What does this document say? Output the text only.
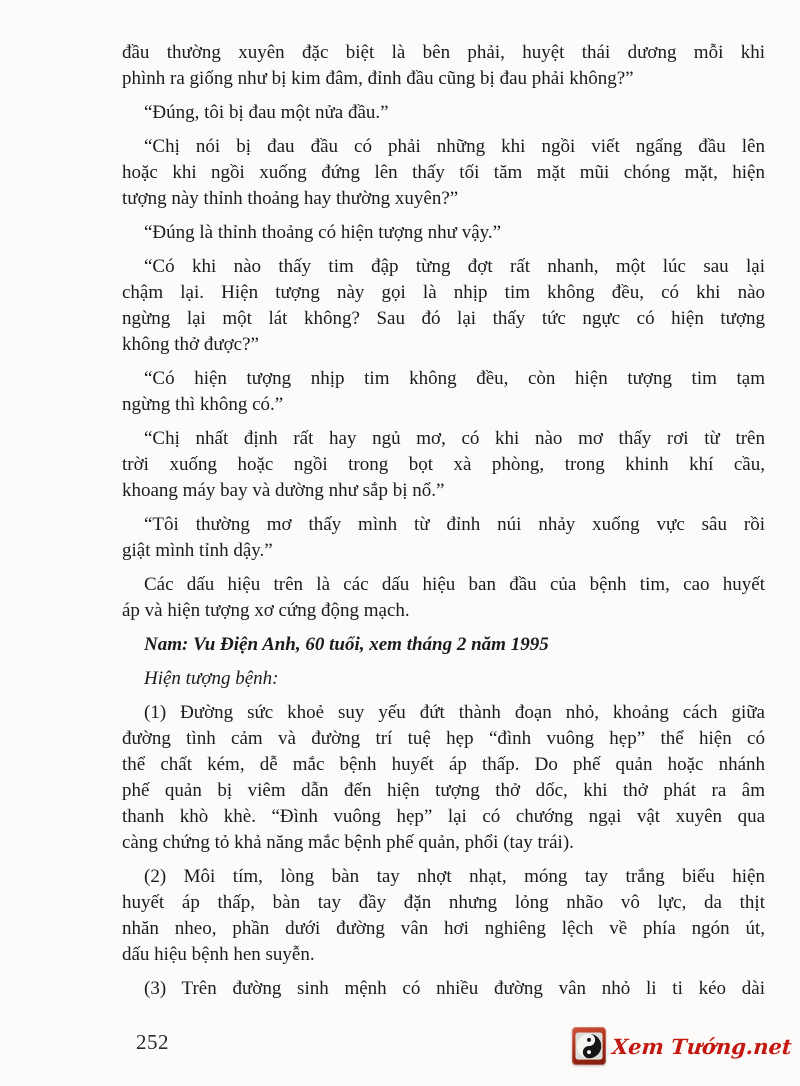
đầu thường xuyên đặc biệt là bên phải, huyệt thái dương mỗi khi
phình ra giống như bị kim đâm, đỉnh đầu cũng bị đau phải không?”
“Đúng, tôi bị đau một nửa đầu.”
“Chị nói bị đau đầu có phải những khi ngồi viết ngẩng đầu lên
hoặc khi ngồi xuống đứng lên thấy tối tăm mặt mũi chóng mặt, hiện
tượng này thỉnh thoảng hay thường xuyên?”
“Đúng là thỉnh thoảng có hiện tượng như vậy.”
“Có khi nào thấy tim đập từng đợt rất nhanh, một lúc sau lại
chậm lại. Hiện tượng này gọi là nhịp tim không đều, có khi nào
ngừng lại một lát không? Sau đó lại thấy tức ngực có hiện tượng
không thở được?”
“Có hiện tượng nhịp tim không đều, còn hiện tượng tim tạm
ngừng thì không có.”
“Chị nhất định rất hay ngủ mơ, có khi nào mơ thấy rơi từ trên
trời xuống hoặc ngồi trong bọt xà phòng, trong khinh khí cầu,
khoang máy bay và dường như sắp bị nổ.”
“Tôi thường mơ thấy mình từ đỉnh núi nhảy xuống vực sâu rồi
giật mình tỉnh dậy.”
Các dấu hiệu trên là các dấu hiệu ban đầu của bệnh tim, cao huyết
áp và hiện tượng xơ cứng động mạch.
Nam: Vu Điện Anh, 60 tuổi, xem tháng 2 năm 1995
Hiện tượng bệnh:
(1) Đường sức khoẻ suy yếu đứt thành đoạn nhỏ, khoảng cách giữa
đường tình cảm và đường trí tuệ hẹp “đình vuông hẹp” thể hiện có
thể chất kém, dễ mắc bệnh huyết áp thấp. Do phế quản hoặc nhánh
phế quản bị viêm dẫn đến hiện tượng thở dốc, khi thở phát ra âm
thanh khò khè. “Đình vuông hẹp” lại có chướng ngại vật xuyên qua
càng chứng tỏ khả năng mắc bệnh phế quản, phổi (tay trái).
(2) Môi tím, lòng bàn tay nhợt nhạt, móng tay trắng biểu hiện
huyết áp thấp, bàn tay đầy đặn nhưng lỏng nhão vô lực, da thịt
nhăn nheo, phần dưới đường vân hơi nghiêng lệch về phía ngón út,
dấu hiệu bệnh hen suyễn.
(3) Trên đường sinh mệnh có nhiều đường vân nhỏ li ti kéo dài
252	Xem Tướng.net
